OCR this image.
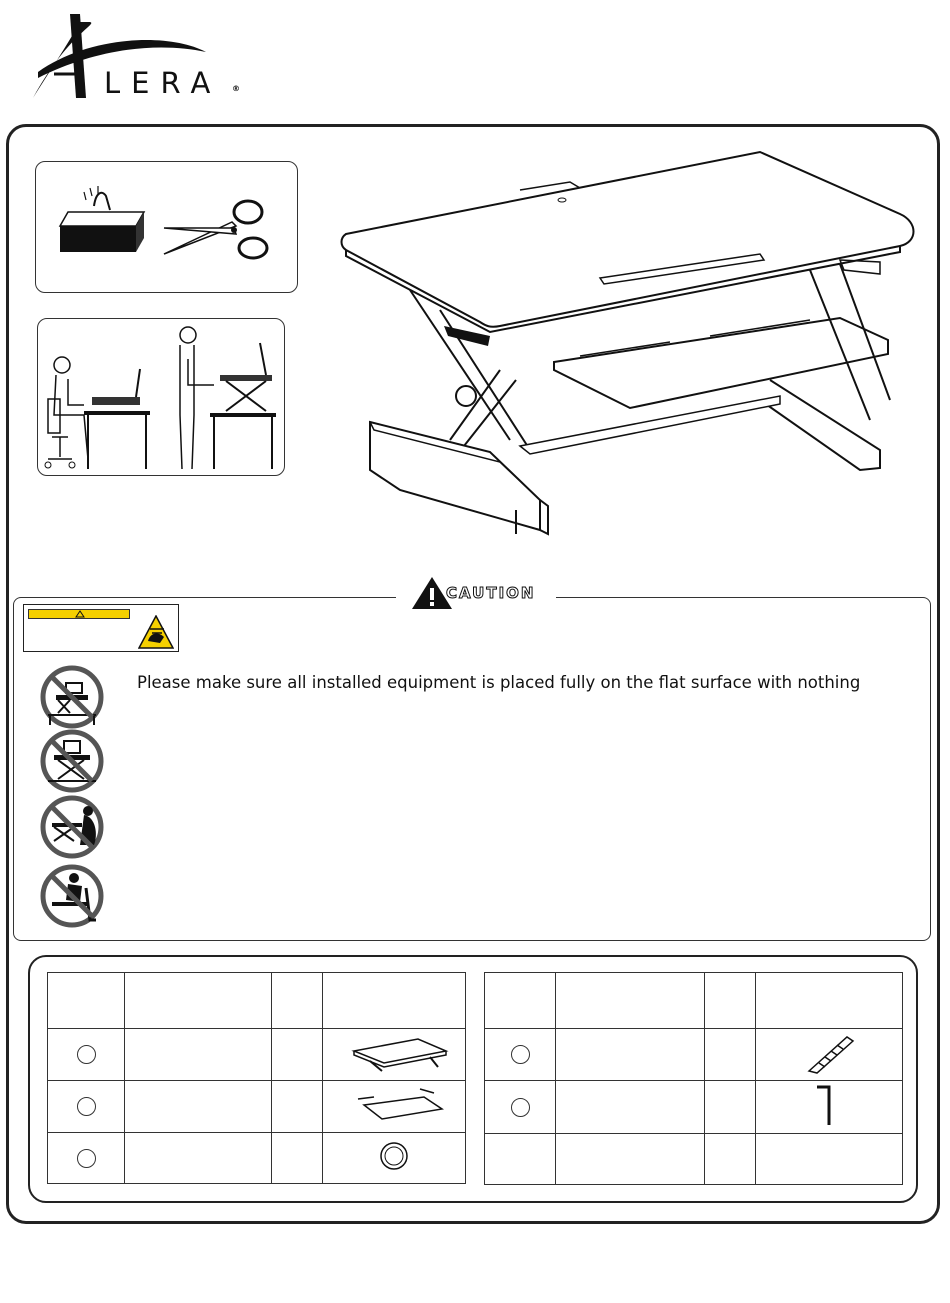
LERA ®
CAUTION
Please make sure all installed equipment is placed fully on the flat surface with nothing
